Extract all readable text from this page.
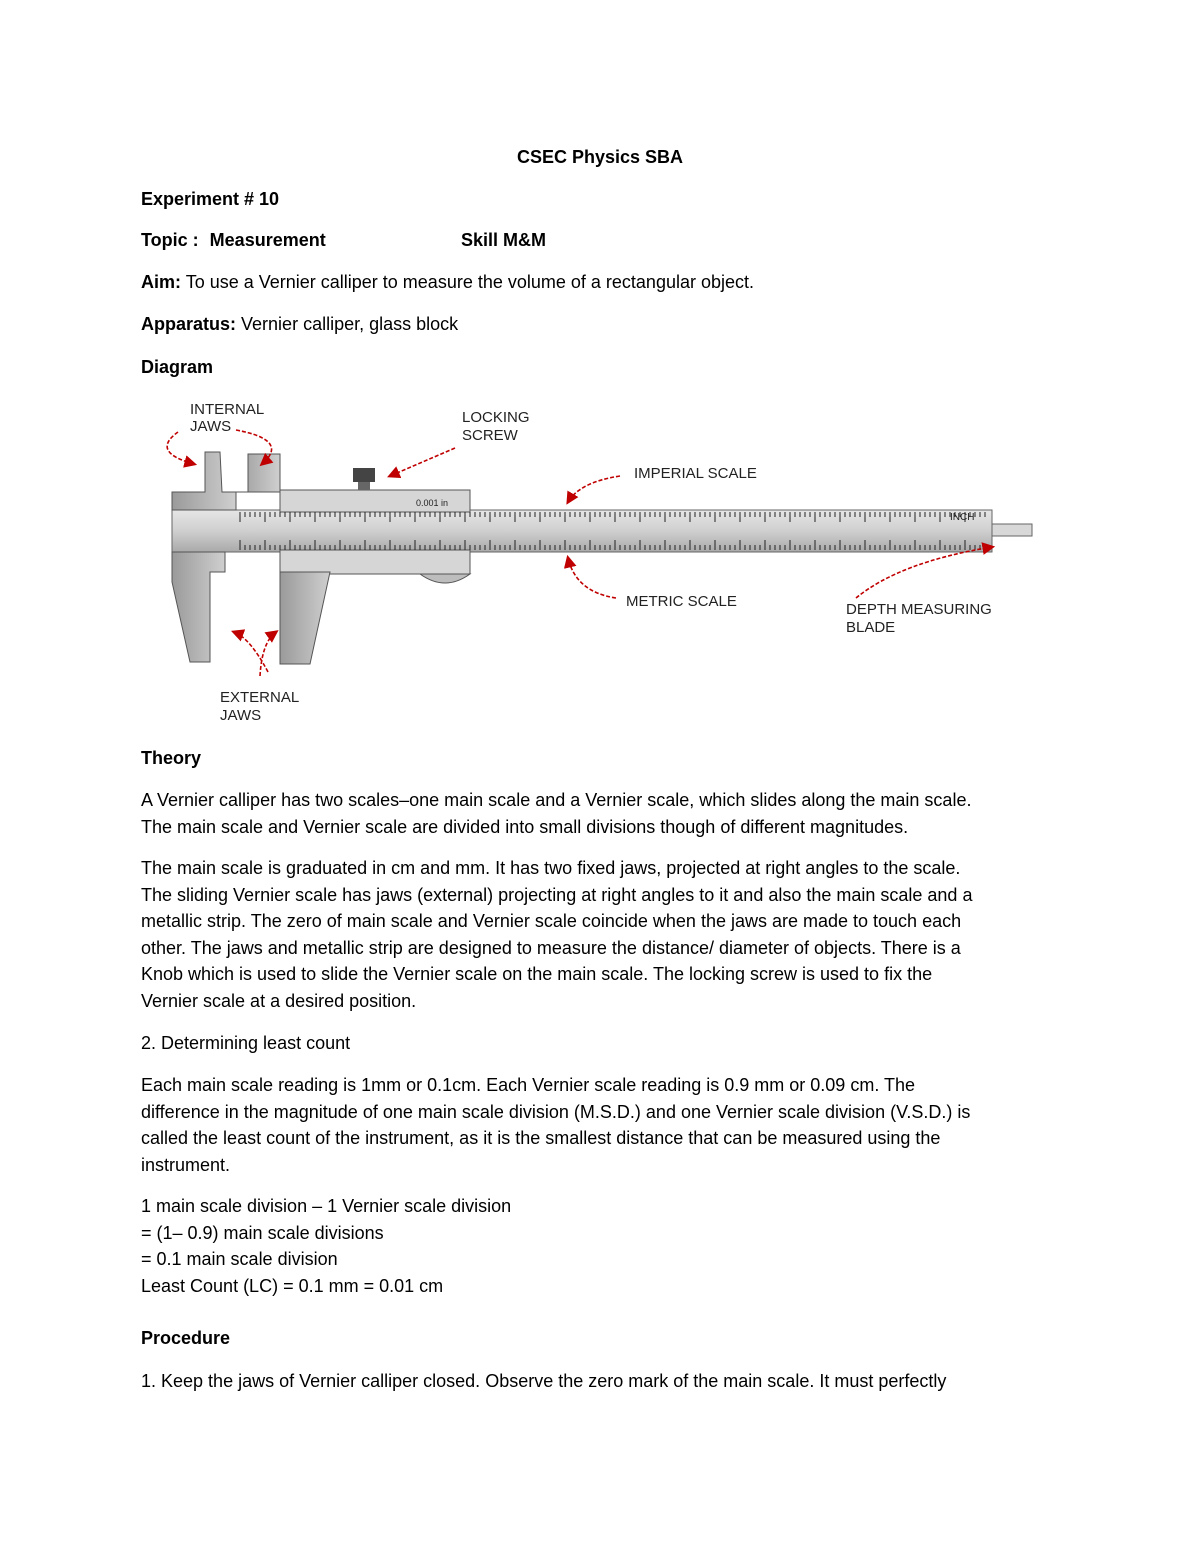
CSEC Physics SBA
Experiment # 10
Topic : Measurement	Skill M&M
Aim: To use a Vernier calliper to measure the volume of a rectangular object.
Apparatus: Vernier calliper, glass block
Diagram
0.001 in
INCH
INTERNAL
JAWS
LOCKING
SCREW
IMPERIAL SCALE
METRIC SCALE	DEPTH MEASURING
BLADE
EXTERNAL
JAWS
Theory
A Vernier calliper has two scales–one main scale and a Vernier scale, which slides along the main scale.
The main scale and Vernier scale are divided into small divisions though of different magnitudes.
The main scale is graduated in cm and mm. It has two fixed jaws, projected at right angles to the scale.
The sliding Vernier scale has jaws (external) projecting at right angles to it and also the main scale and a
metallic strip. The zero of main scale and Vernier scale coincide when the jaws are made to touch each
other. The jaws and metallic strip are designed to measure the distance/ diameter of objects. There is a
Knob which is used to slide the Vernier scale on the main scale. The locking screw is used to fix the
Vernier scale at a desired position.
2. Determining least count
Each main scale reading is 1mm or 0.1cm. Each Vernier scale reading is 0.9 mm or 0.09 cm. The
difference in the magnitude of one main scale division (M.S.D.) and one Vernier scale division (V.S.D.) is
called the least count of the instrument, as it is the smallest distance that can be measured using the
instrument.
1 main scale division – 1 Vernier scale division
= (1– 0.9) main scale divisions
= 0.1 main scale division
Least Count (LC) = 0.1 mm = 0.01 cm
Procedure
1. Keep the jaws of Vernier calliper closed. Observe the zero mark of the main scale. It must perfectly
